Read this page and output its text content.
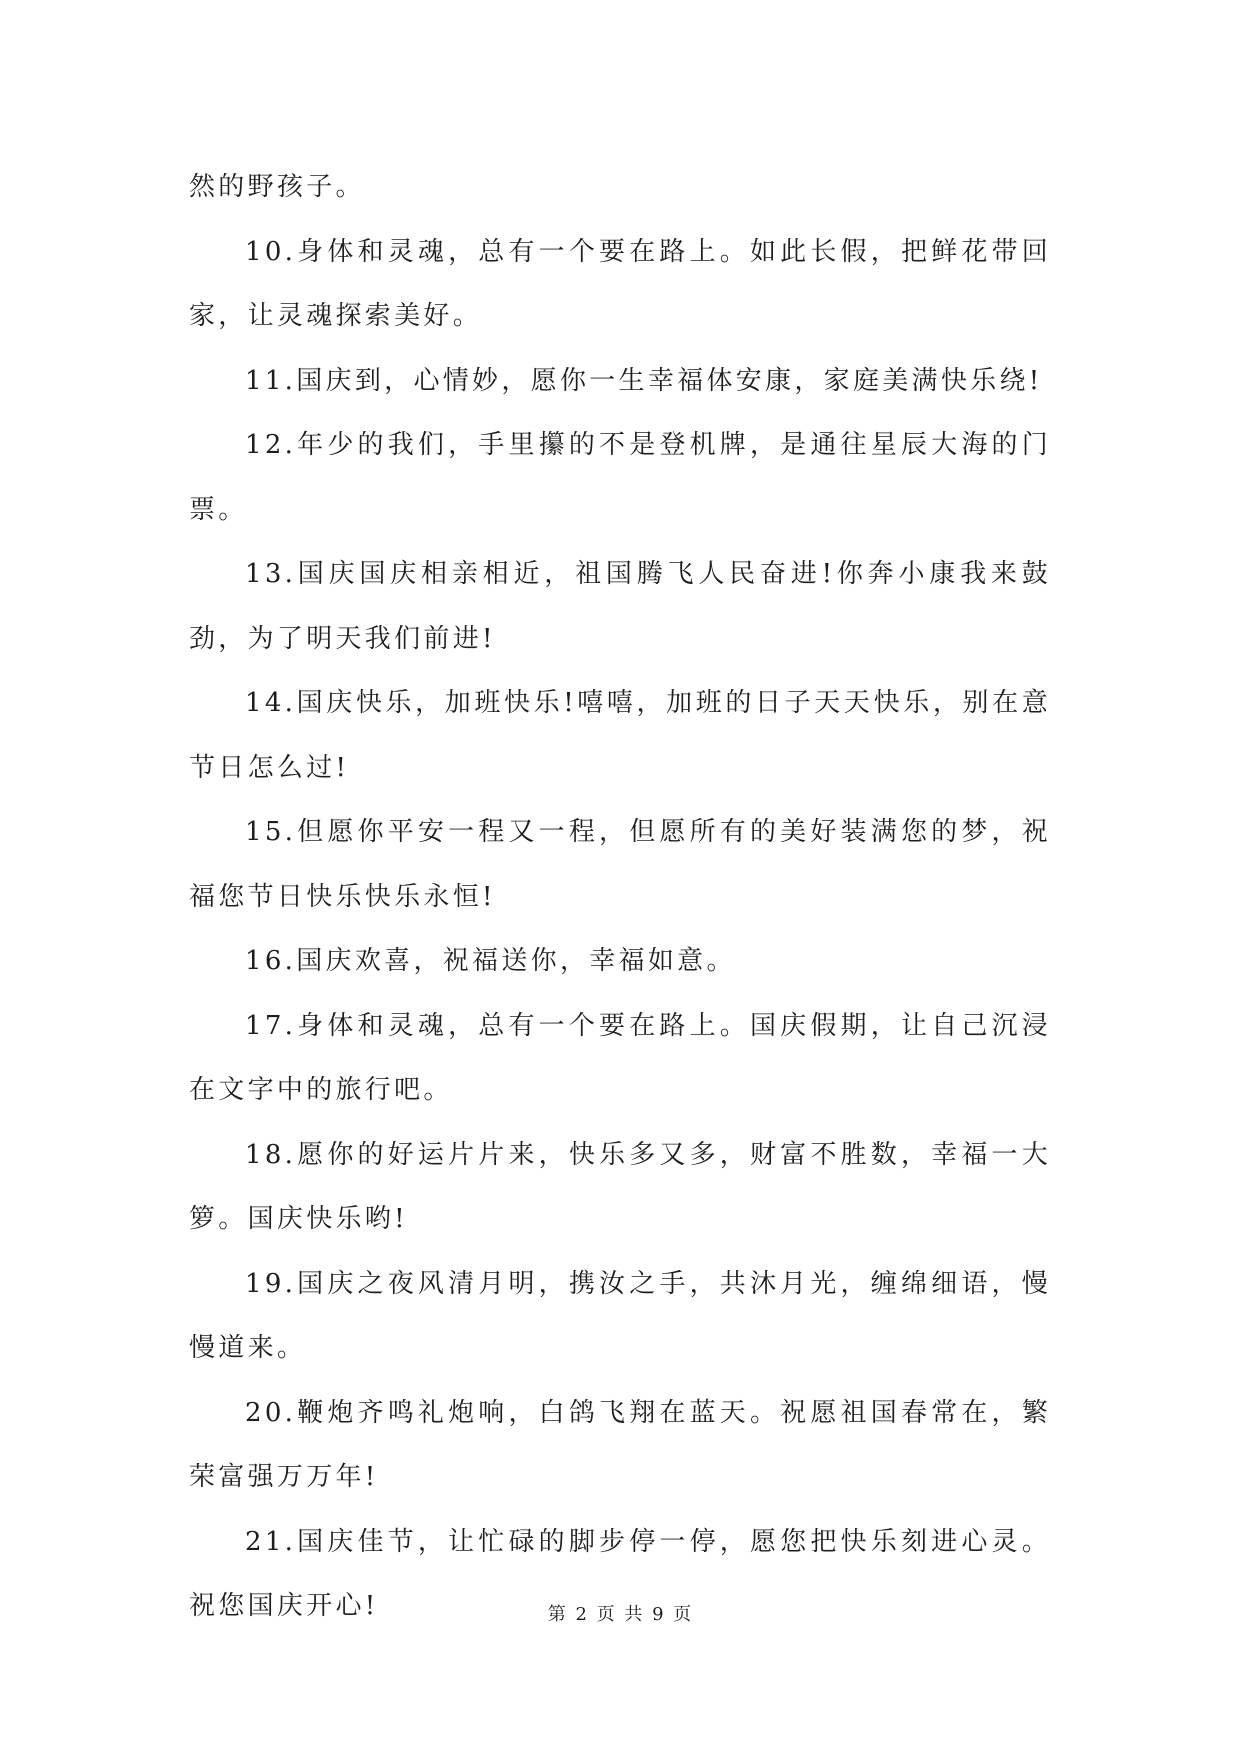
然的野孩子。

10.身体和灵魂，总有一个要在路上。如此长假，把鲜花带回家，让灵魂探索美好。

11.国庆到，心情妙，愿你一生幸福体安康，家庭美满快乐绕!

12.年少的我们，手里攥的不是登机牌，是通往星辰大海的门票。

13.国庆国庆相亲相近，祖国腾飞人民奋进!你奔小康我来鼓劲，为了明天我们前进!

14.国庆快乐，加班快乐!嘻嘻，加班的日子天天快乐，别在意节日怎么过!

15.但愿你平安一程又一程，但愿所有的美好装满您的梦，祝福您节日快乐快乐永恒!

16.国庆欢喜，祝福送你，幸福如意。

17.身体和灵魂，总有一个要在路上。国庆假期，让自己沉浸在文字中的旅行吧。

18.愿你的好运片片来，快乐多又多，财富不胜数，幸福一大箩。国庆快乐哟!

19.国庆之夜风清月明，携汝之手，共沐月光，缠绵细语，慢慢道来。

20.鞭炮齐鸣礼炮响，白鸽飞翔在蓝天。祝愿祖国春常在，繁荣富强万万年!

21.国庆佳节，让忙碌的脚步停一停，愿您把快乐刻进心灵。祝您国庆开心!	第 2 页 共 9 页
